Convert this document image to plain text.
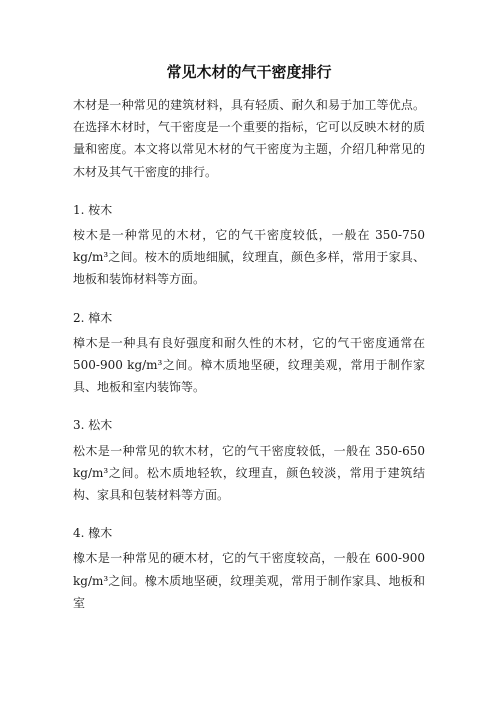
常见木材的气干密度排行

木材是一种常见的建筑材料，具有轻质、耐久和易于加工等优点。在选择木材时，气干密度是一个重要的指标，它可以反映木材的质量和密度。本文将以常见木材的气干密度为主题，介绍几种常见的木材及其气干密度的排行。

1. 桉木

桉木是一种常见的木材，它的气干密度较低，一般在 350-750 kg/m³之间。桉木的质地细腻，纹理直，颜色多样，常用于家具、地板和装饰材料等方面。

2. 樟木

樟木是一种具有良好强度和耐久性的木材，它的气干密度通常在500-900 kg/m³之间。樟木质地坚硬，纹理美观，常用于制作家具、地板和室内装饰等。

3. 松木

松木是一种常见的软木材，它的气干密度较低，一般在 350-650 kg/m³之间。松木质地轻软，纹理直，颜色较淡，常用于建筑结构、家具和包装材料等方面。

4. 橡木

橡木是一种常见的硬木材，它的气干密度较高，一般在 600-900 kg/m³之间。橡木质地坚硬，纹理美观，常用于制作家具、地板和室
